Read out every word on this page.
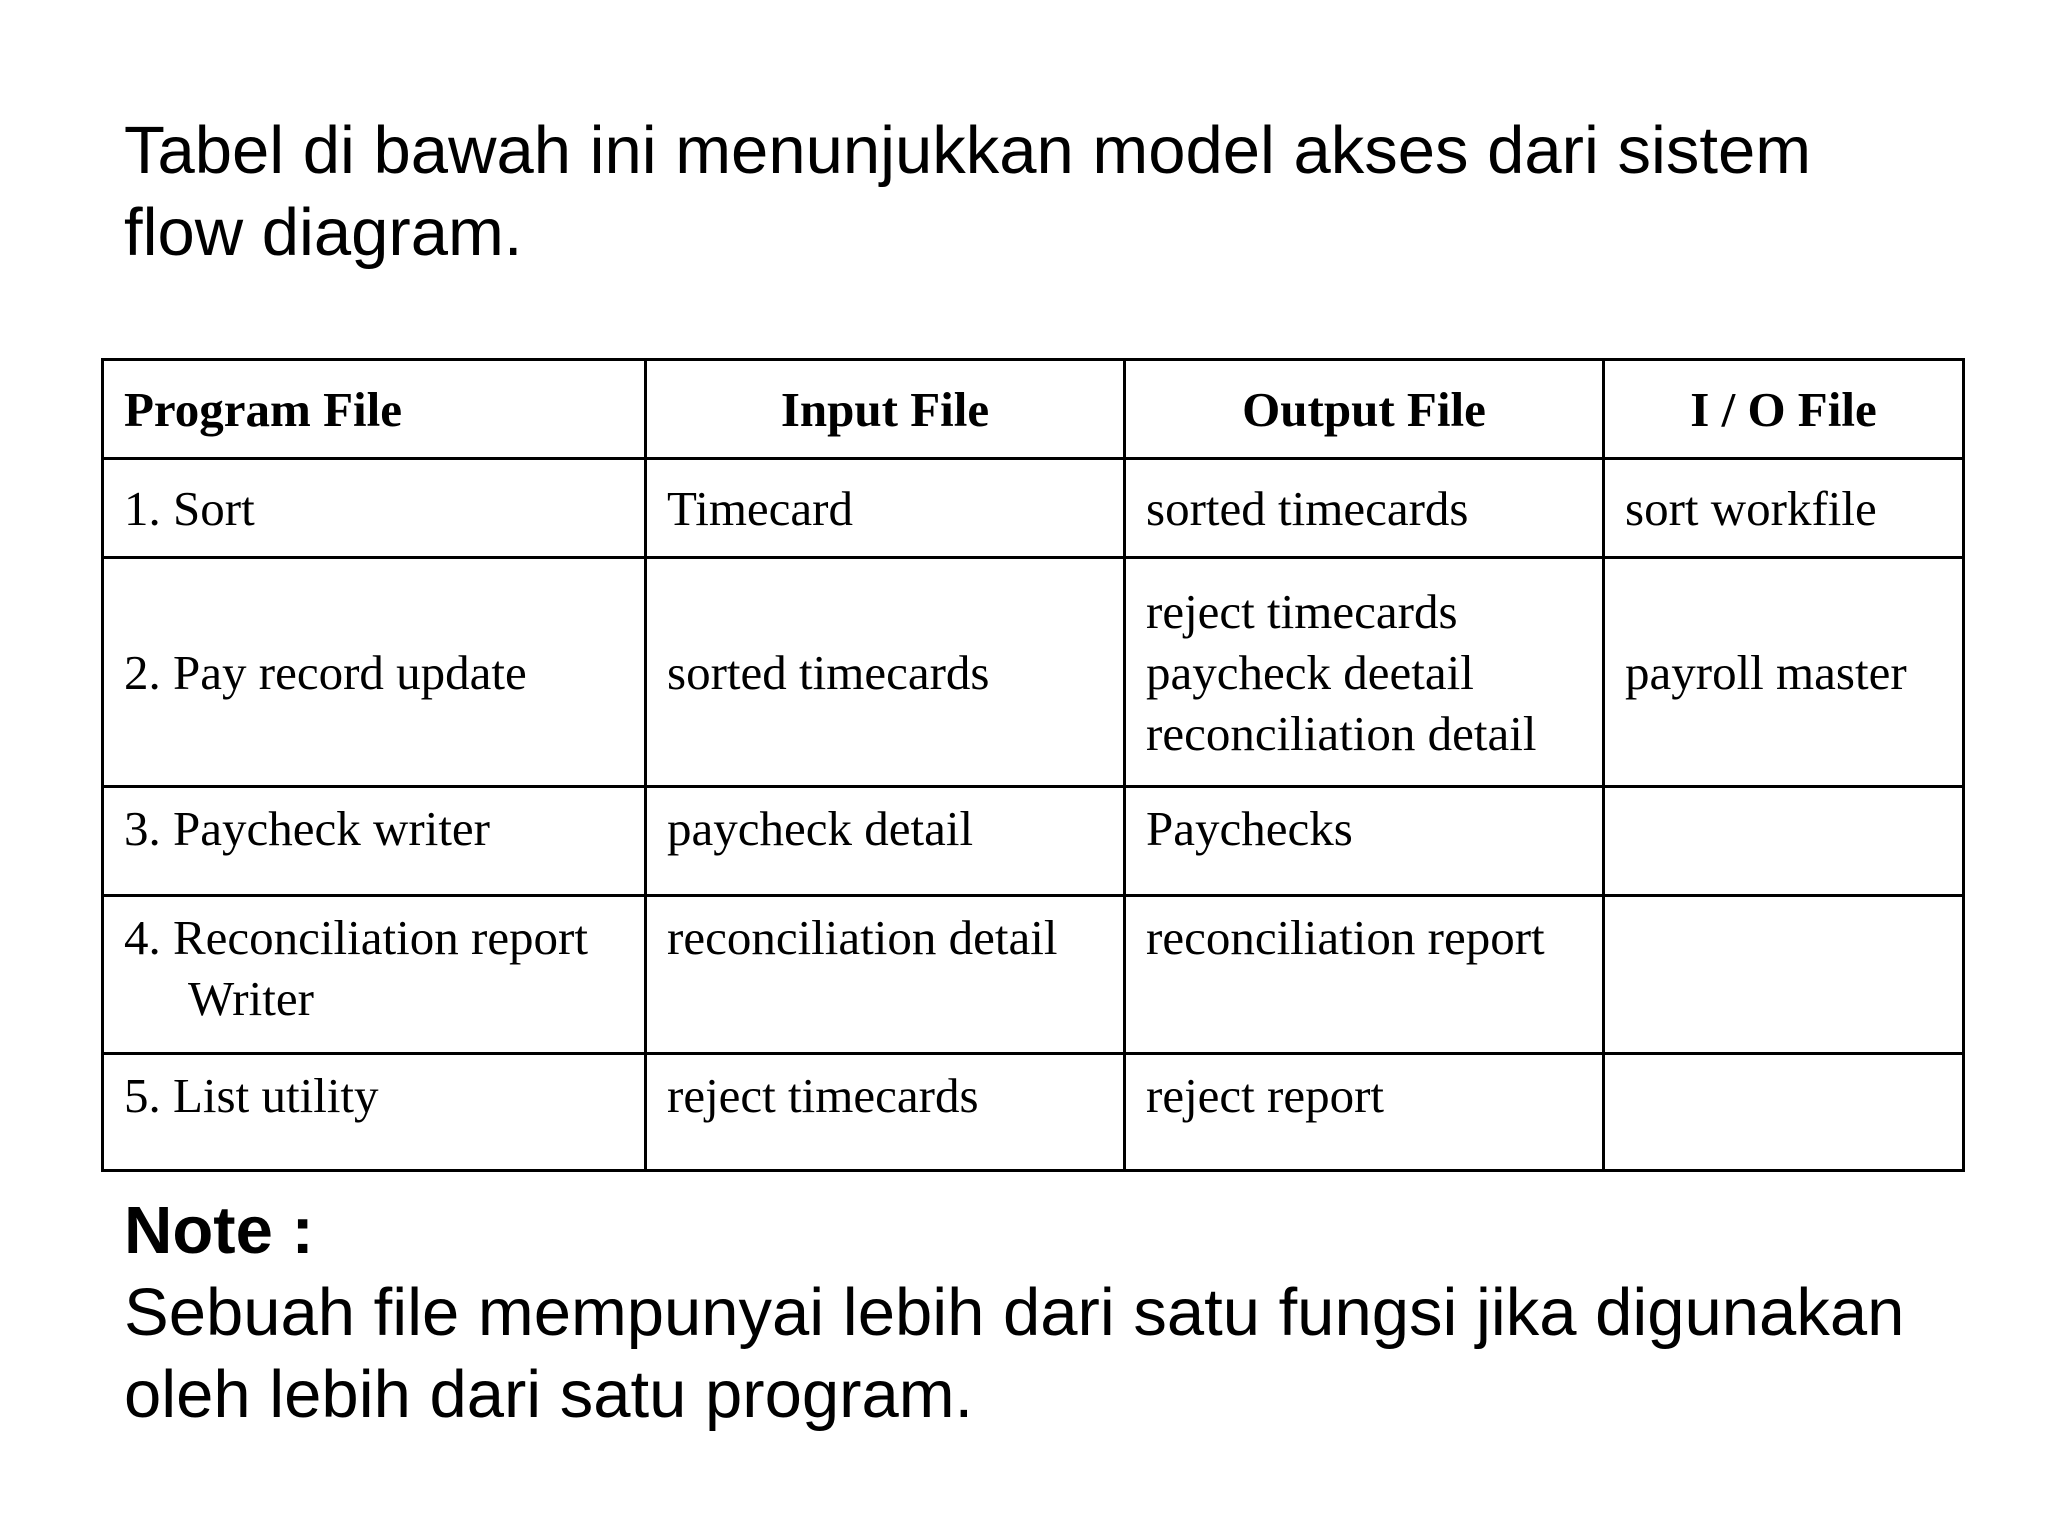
Tabel di bawah ini menunjukkan model akses dari sistem flow diagram.

Program File	Input File	Output File	I / O File

1. Sort	Timecard	sorted timecards	sort workfile

2. Pay record update	sorted timecards	reject timecards
paycheck deetail
reconciliation detail	payroll master

3. Paycheck writer	paycheck detail	Paychecks	

4. Reconciliation report
Writer	reconciliation detail	reconciliation report	

5. List utility	reject timecards	reject report	

Note :

Sebuah file mempunyai lebih dari satu fungsi jika digunakan oleh lebih dari satu program.
